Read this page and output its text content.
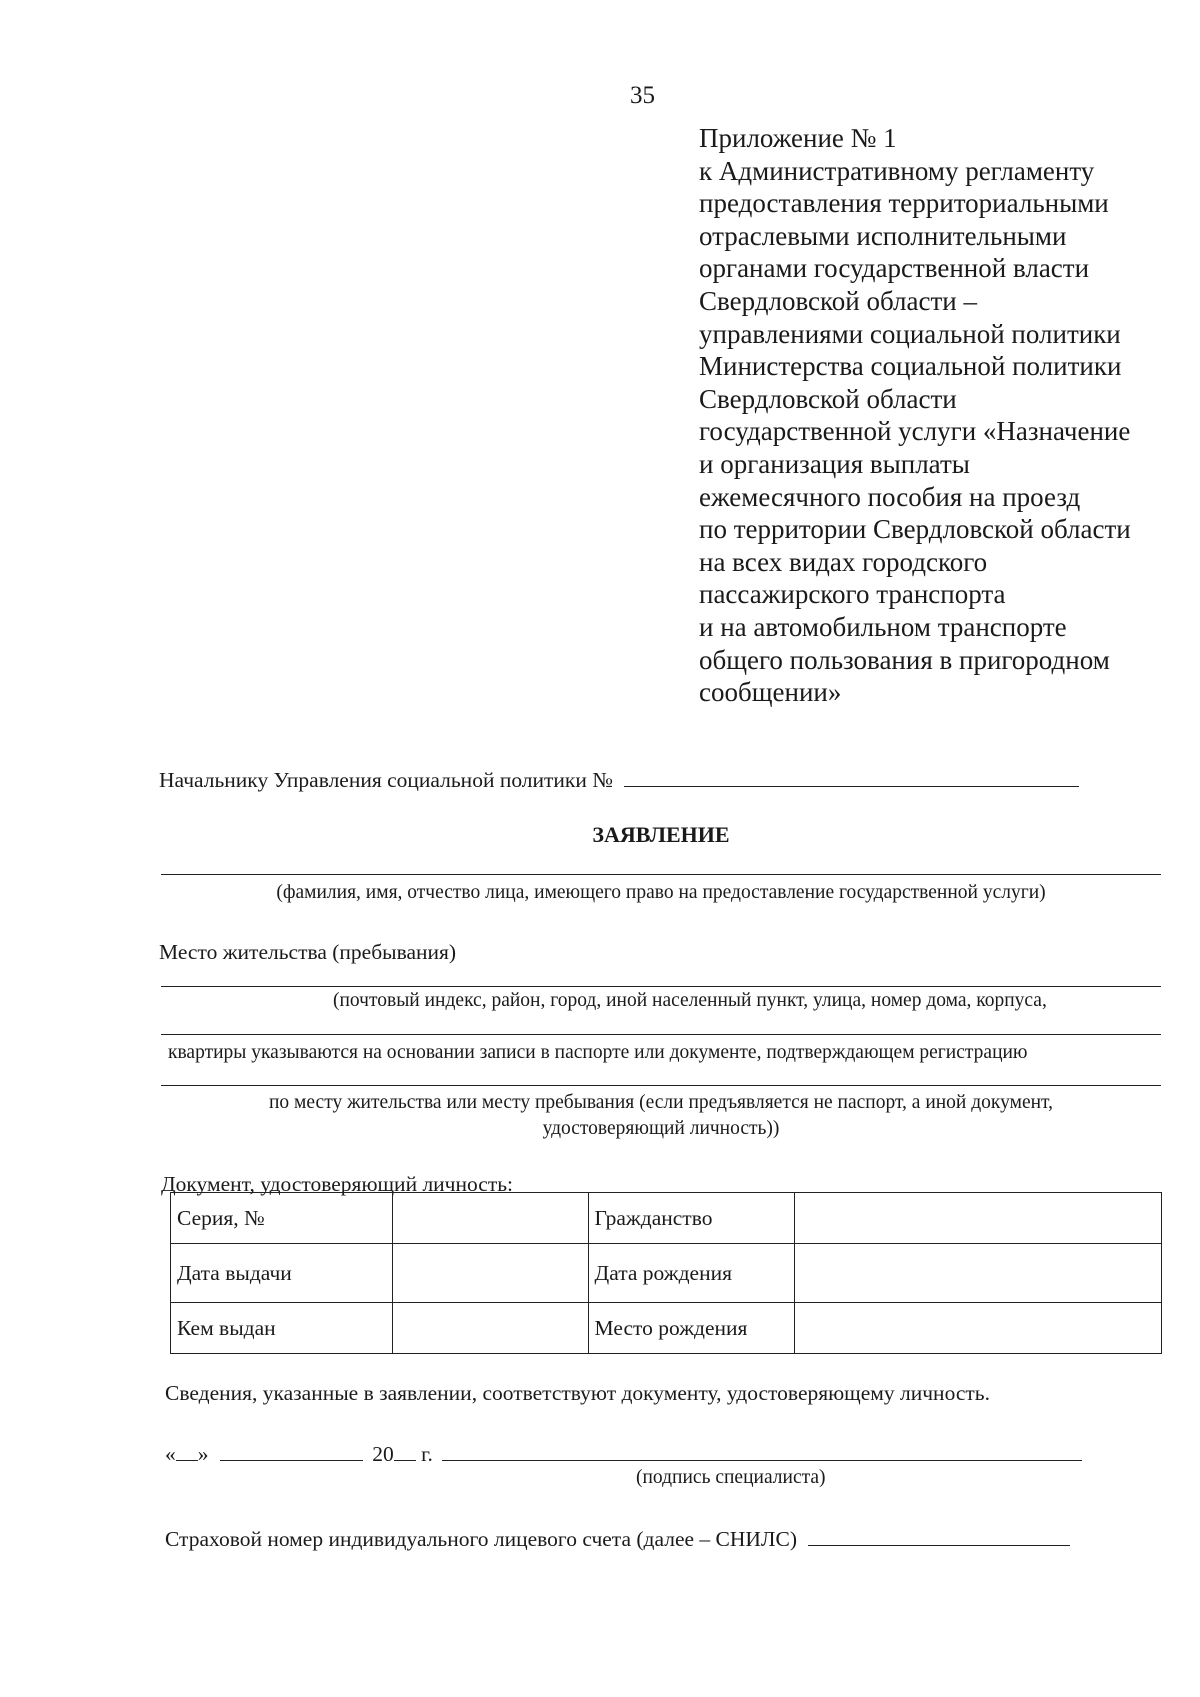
35
Приложение № 1
к Административному регламенту
предоставления территориальными
отраслевыми исполнительными
органами государственной власти
Свердловской области –
управлениями социальной политики
Министерства социальной политики
Свердловской области
государственной услуги «Назначение
и организация выплаты
ежемесячного пособия на проезд
по территории Свердловской области
на всех видах городского
пассажирского транспорта
и на автомобильном транспорте
общего пользования в пригородном
сообщении»
Начальнику Управления социальной политики №
ЗАЯВЛЕНИЕ
(фамилия, имя, отчество лица, имеющего право на предоставление государственной услуги)
Место жительства (пребывания)
(почтовый индекс, район, город, иной населенный пункт, улица, номер дома, корпуса,
квартиры указываются на основании записи в паспорте или документе, подтверждающем регистрацию
по месту жительства или месту пребывания (если предъявляется не паспорт, а иной документ,
удостоверяющий личность))
Документ, удостоверяющий личность:
Серия, №		Гражданство	
Дата выдачи		Дата рождения	
Кем выдан		Место рождения	
Сведения, указанные в заявлении, соответствуют документу, удостоверяющему личность.
« »	20 г.
(подпись специалиста)
Страховой номер индивидуального лицевого счета (далее – СНИЛС)
